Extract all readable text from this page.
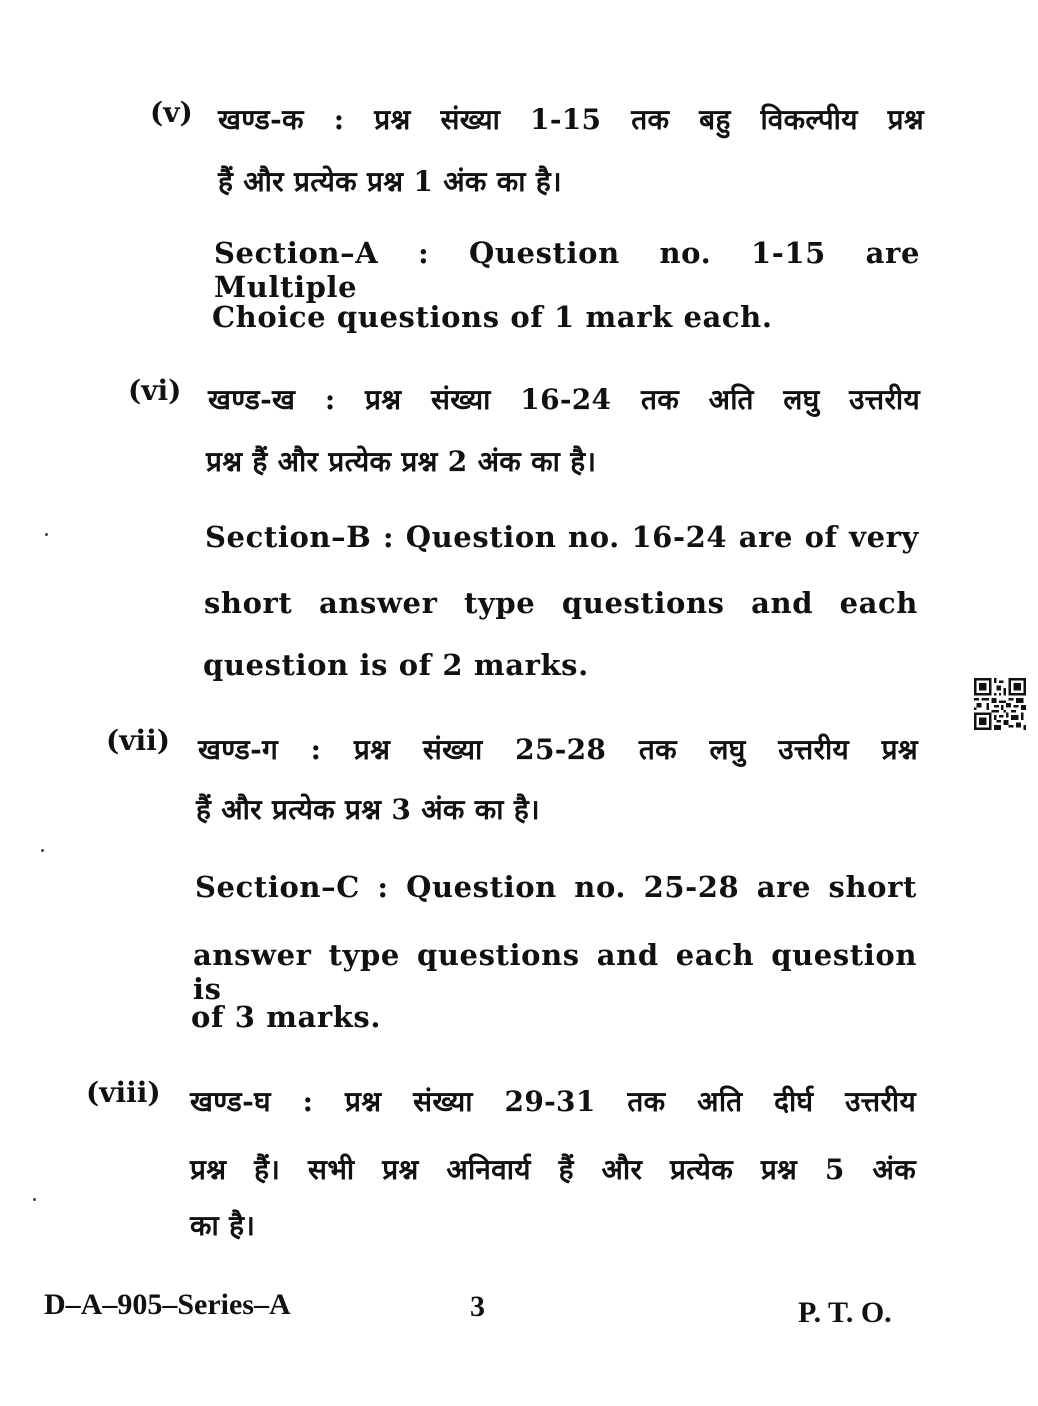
(v) खण्ड-क : प्रश्न संख्या 1-15 तक बहु विकल्पीय प्रश्न
हैं और प्रत्येक प्रश्न 1 अंक का है।
Section–A : Question no. 1-15 are Multiple
Choice questions of 1 mark each.
(vi) खण्ड-ख : प्रश्न संख्या 16-24 तक अति लघु उत्तरीय
प्रश्न हैं और प्रत्येक प्रश्न 2 अंक का है।
Section–B : Question no. 16-24 are of very
short answer type questions and each
question is of 2 marks.
(vii) खण्ड-ग : प्रश्न संख्या 25-28 तक लघु उत्तरीय प्रश्न
हैं और प्रत्येक प्रश्न 3 अंक का है।
Section–C : Question no. 25-28 are short
answer type questions and each question is
of 3 marks.
(viii) खण्ड-घ : प्रश्न संख्या 29-31 तक अति दीर्घ उत्तरीय
प्रश्न हैं। सभी प्रश्न अनिवार्य हैं और प्रत्येक प्रश्न 5 अंक
का है।
D–A–905–Series–A	3	P. T. O.
